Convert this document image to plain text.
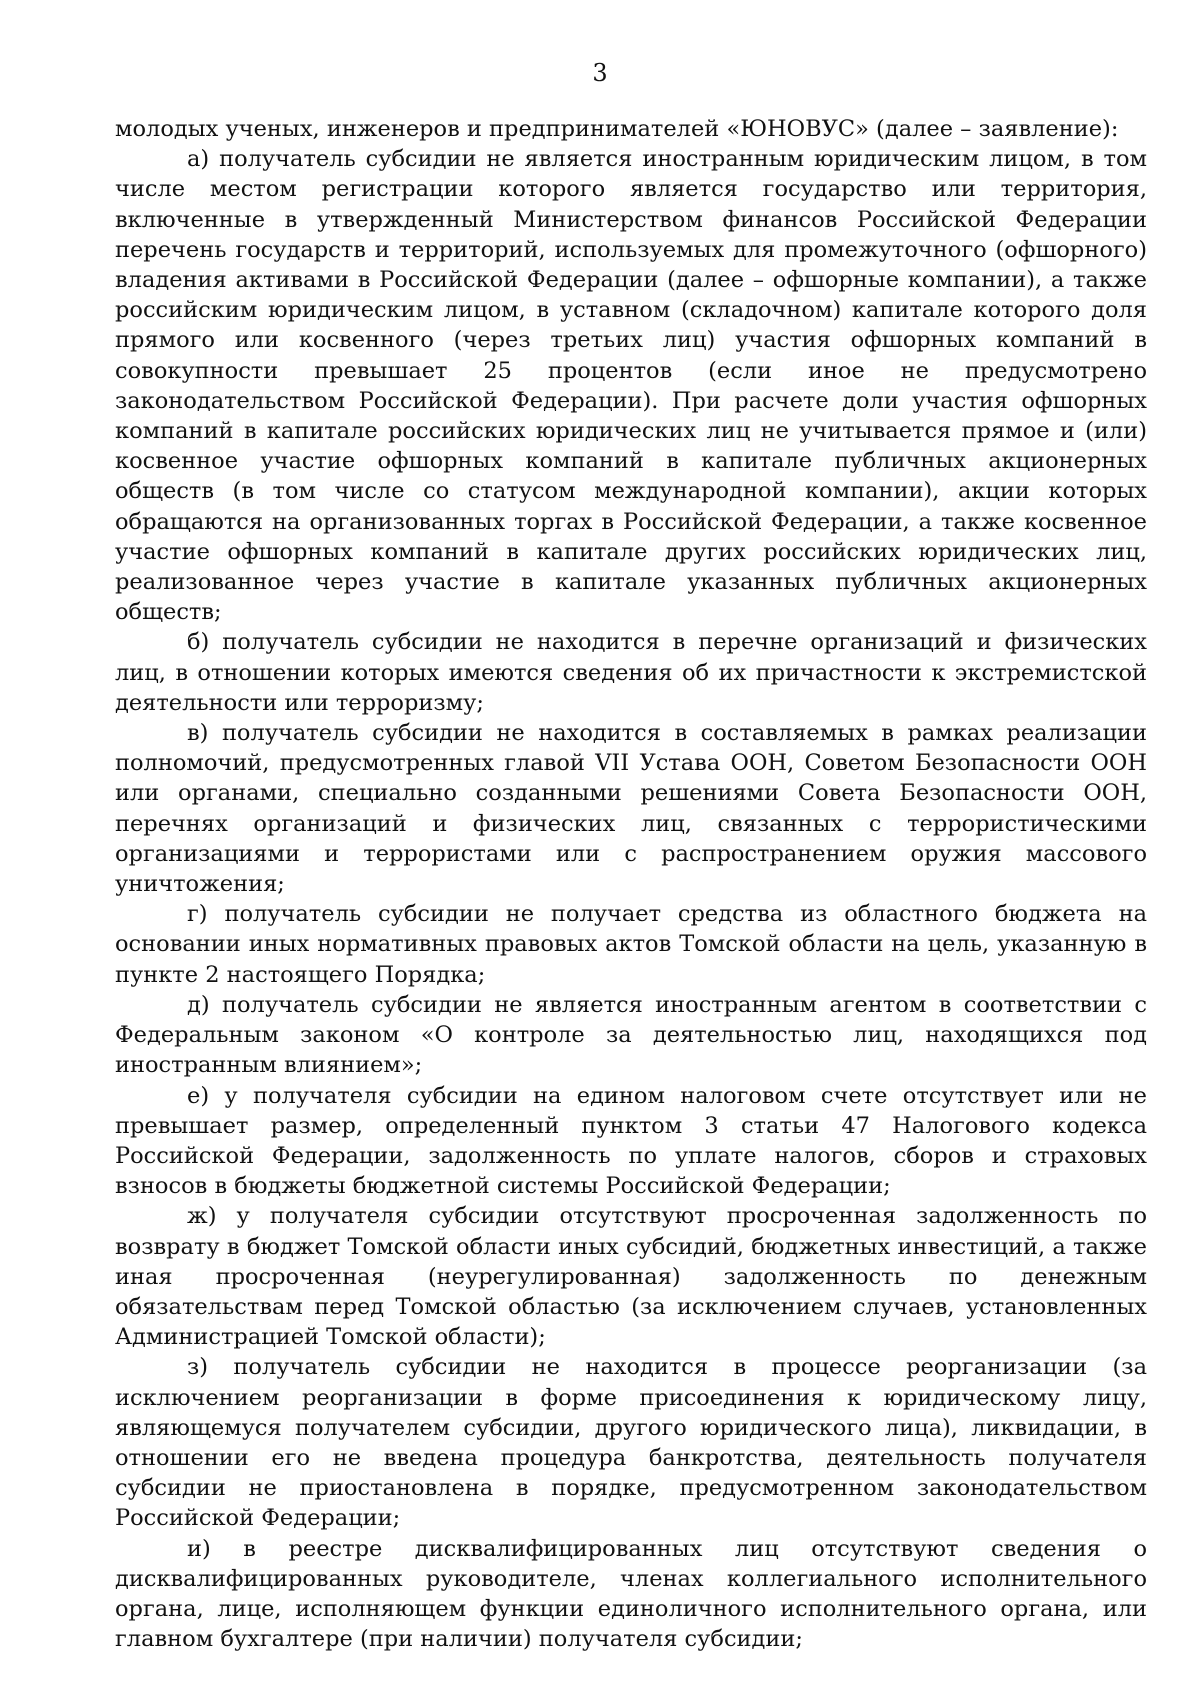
3

молодых ученых, инженеров и предпринимателей «ЮНОВУС» (далее – заявление):

а) получатель субсидии не является иностранным юридическим лицом, в том числе местом регистрации которого является государство или территория, включенные в утвержденный Министерством финансов Российской Федерации перечень государств и территорий, используемых для промежуточного (офшорного) владения активами в Российской Федерации (далее – офшорные компании), а также российским юридическим лицом, в уставном (складочном) капитале которого доля прямого или косвенного (через третьих лиц) участия офшорных компаний в совокупности превышает 25 процентов (если иное не предусмотрено законодательством Российской Федерации). При расчете доли участия офшорных компаний в капитале российских юридических лиц не учитывается прямое и (или) косвенное участие офшорных компаний в капитале публичных акционерных обществ (в том числе со статусом международной компании), акции которых обращаются на организованных торгах в Российской Федерации, а также косвенное участие офшорных компаний в капитале других российских юридических лиц, реализованное через участие в капитале указанных публичных акционерных обществ;

б) получатель субсидии не находится в перечне организаций и физических лиц, в отношении которых имеются сведения об их причастности к экстремистской деятельности или терроризму;

в) получатель субсидии не находится в составляемых в рамках реализации полномочий, предусмотренных главой VII Устава ООН, Советом Безопасности ООН или органами, специально созданными решениями Совета Безопасности ООН, перечнях организаций и физических лиц, связанных с террористическими организациями и террористами или с распространением оружия массового уничтожения;

г) получатель субсидии не получает средства из областного бюджета на основании иных нормативных правовых актов Томской области на цель, указанную в пункте 2 настоящего Порядка;

д) получатель субсидии не является иностранным агентом в соответствии с Федеральным законом «О контроле за деятельностью лиц, находящихся под иностранным влиянием»;

е) у получателя субсидии на едином налоговом счете отсутствует или не превышает размер, определенный пунктом 3 статьи 47 Налогового кодекса Российской Федерации, задолженность по уплате налогов, сборов и страховых взносов в бюджеты бюджетной системы Российской Федерации;

ж) у получателя субсидии отсутствуют просроченная задолженность по возврату в бюджет Томской области иных субсидий, бюджетных инвестиций, а также иная просроченная (неурегулированная) задолженность по денежным обязательствам перед Томской областью (за исключением случаев, установленных Администрацией Томской области);

з) получатель субсидии не находится в процессе реорганизации (за исключением реорганизации в форме присоединения к юридическому лицу, являющемуся получателем субсидии, другого юридического лица), ликвидации, в отношении его не введена процедура банкротства, деятельность получателя субсидии не приостановлена в порядке, предусмотренном законодательством Российской Федерации;

и) в реестре дисквалифицированных лиц отсутствуют сведения о дисквалифицированных руководителе, членах коллегиального исполнительного органа, лице, исполняющем функции единоличного исполнительного органа, или главном бухгалтере (при наличии) получателя субсидии;
